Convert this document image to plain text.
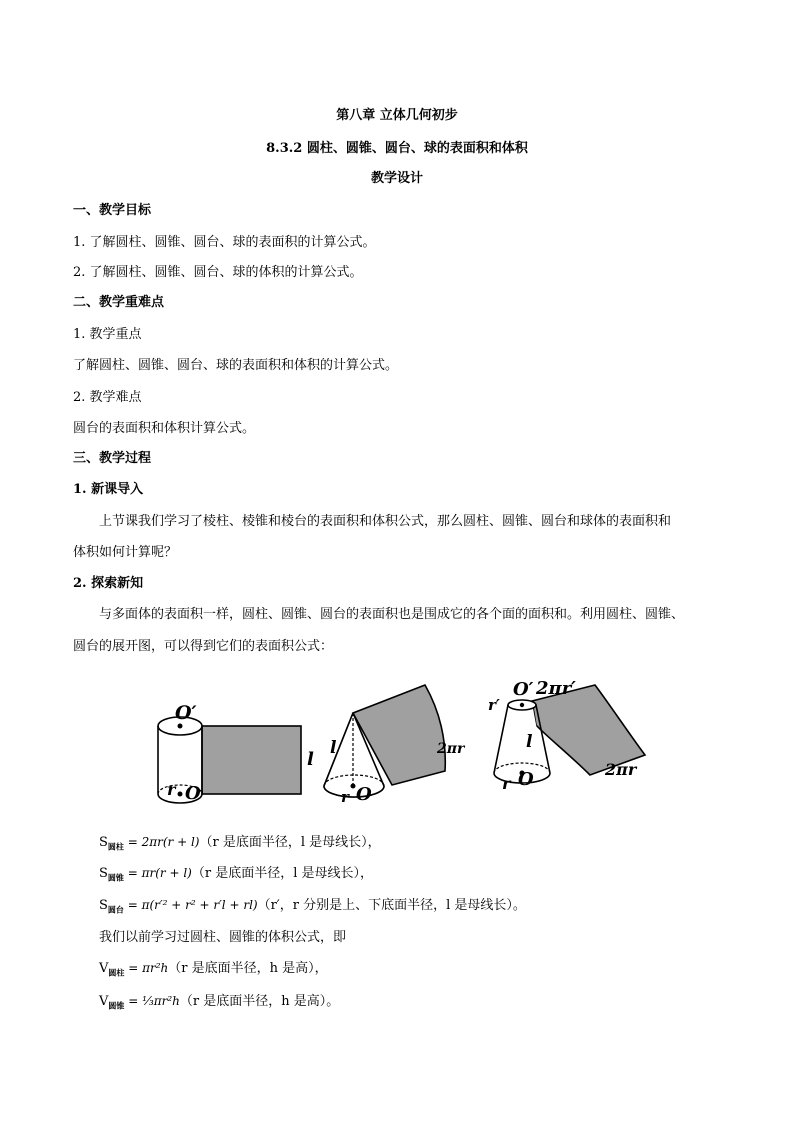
第八章 立体几何初步
8.3.2 圆柱、圆锥、圆台、球的表面积和体积
教学设计
一、教学目标
1. 了解圆柱、圆锥、圆台、球的表面积的计算公式。
2. 了解圆柱、圆锥、圆台、球的体积的计算公式。
二、教学重难点
1. 教学重点
了解圆柱、圆锥、圆台、球的表面积和体积的计算公式。
2. 教学难点
圆台的表面积和体积计算公式。
三、教学过程
1. 新课导入
上节课我们学习了棱柱、棱锥和棱台的表面积和体积公式，那么圆柱、圆锥、圆台和球体的表面积和
体积如何计算呢？
2. 探索新知
与多面体的表面积一样，圆柱、圆锥、圆台的表面积也是围成它的各个面的面积和。利用圆柱、圆锥、
圆台的展开图，可以得到它们的表面积公式：
O′
r O
l
l
r O
2πr
r′
O′ 2πr′
l
r O	2πr
$S_{圆柱} = 2\pi r(r + l)(r$ 是底面半径，l 是母线长），
$S_{圆锥} = \pi r(r + l)(r$ 是底面半径，l 是母线长），
$S_{圆台} = \pi(r'^2 + r^2 + r'l + rl)(r'$，r 分别是上、下底面半径，l 是母线长）。
我们以前学习过圆柱、圆锥的体积公式，即
$V_{圆柱} = \pi r^2h(r$ 是底面半径，h 是高），
$V_{圆锥}$ = ⅓πr²h（r 是底面半径，h 是高）。
